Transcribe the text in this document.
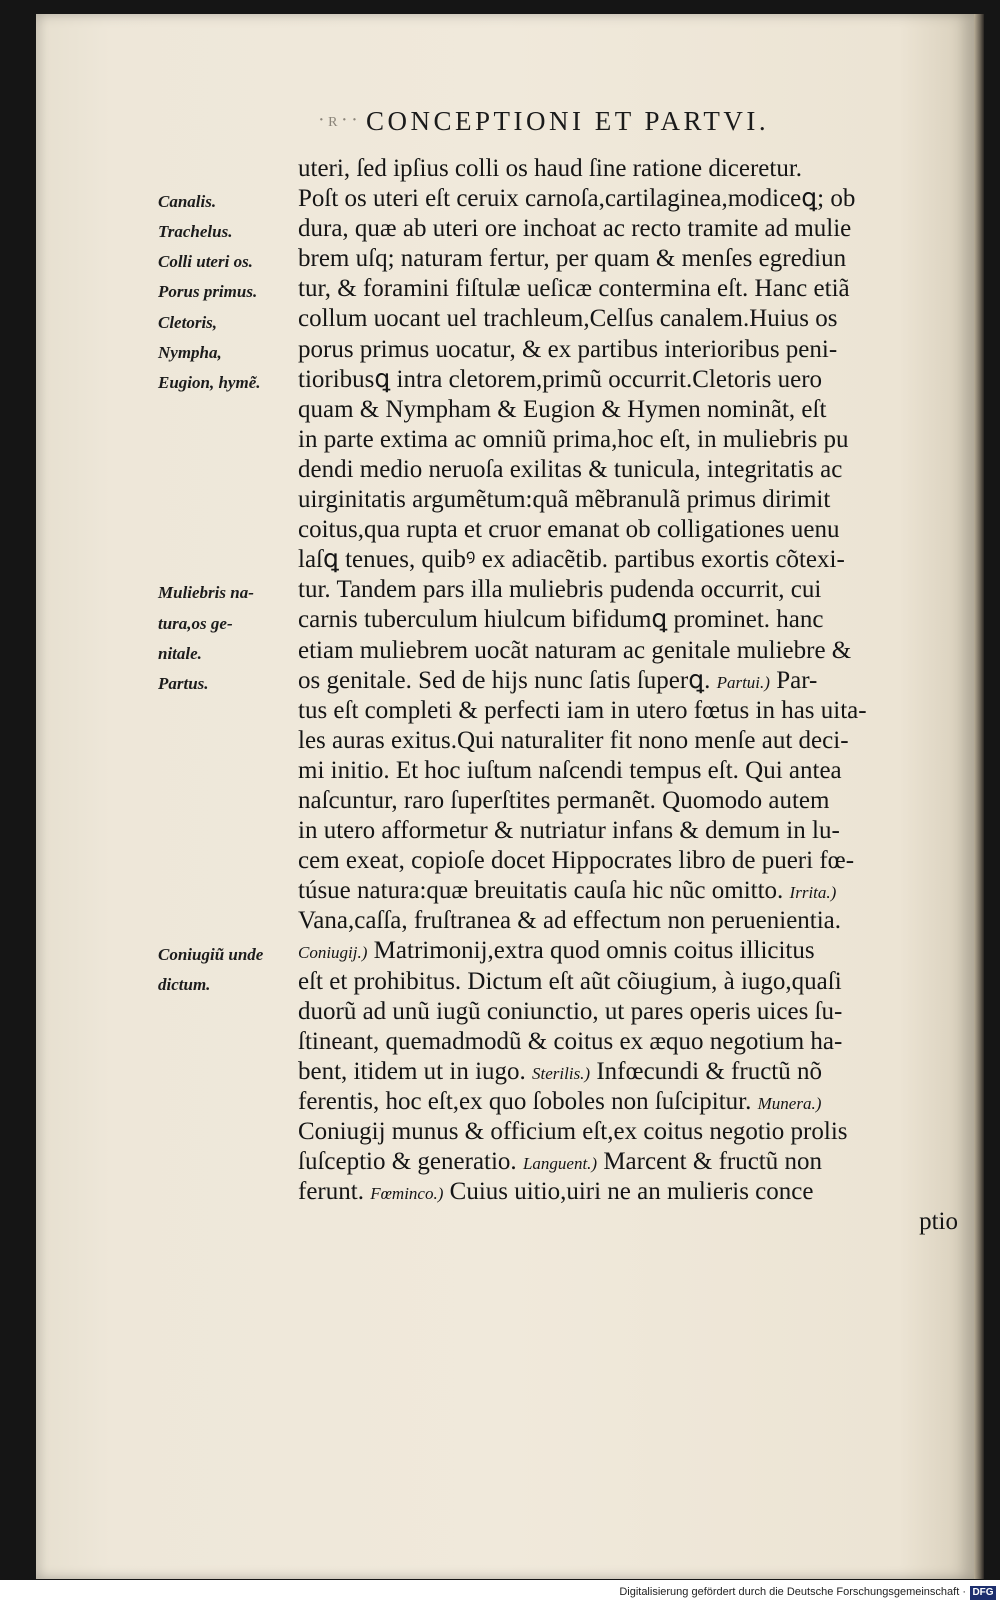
·r·· CONCEPTIONI ET PARTVI.
Canalis.
Trachelus.
Colli uteri os.
Porus primus.
Cletoris,
Nympha,
Eugion, hymẽ.
Muliebris na-
tura,os ge-
nitale.
Partus.
Coniugiũ unde
dictum.
uteri, ſed ipſius colli os haud ſine ratione diceretur.
Poſt os uteri eſt ceruix carnoſa,cartilaginea,modiceꝗ; ob
dura, quæ ab uteri ore inchoat ac recto tramite ad mulie
brem uſq; naturam fertur, per quam & menſes egrediun
tur, & foramini fiſtulæ ueſicæ contermina eſt. Hanc etiã
collum uocant uel trachleum,Celſus canalem.Huius os
porus primus uocatur, & ex partibus interioribus peni-
tioribusꝗ intra cletorem,primũ occurrit.Cletoris uero
quam & Nympham & Eugion & Hymen nominãt, eſt
in parte extima ac omniũ prima,hoc eſt, in muliebris pu
dendi medio neruoſa exilitas & tunicula, integritatis ac
uirginitatis argumẽtum:quã mẽbranulã primus dirimit
coitus,qua rupta et cruor emanat ob colligationes uenu
laſꝗ tenues, quibꝰ ex adiacẽtib. partibus exortis cõtexi-
tur. Tandem pars illa muliebris pudenda occurrit, cui
carnis tuberculum hiulcum bifidumꝗ prominet. hanc
etiam muliebrem uocãt naturam ac genitale muliebre &
os genitale. Sed de hijs nunc ſatis ſuperꝗ. Partui.) Par-
tus eſt completi & perfecti iam in utero fœtus in has uita-
les auras exitus.Qui naturaliter fit nono menſe aut deci-
mi initio. Et hoc iuſtum naſcendi tempus eſt. Qui antea
naſcuntur, raro ſuperſtites permanẽt. Quomodo autem
in utero afformetur & nutriatur infans & demum in lu-
cem exeat, copioſe docet Hippocrates libro de pueri fœ-
túsue natura:quæ breuitatis cauſa hic nũc omitto. Irrita.)
Vana,caſſa, fruſtranea & ad effectum non peruenientia.
Coniugij.) Matrimonij,extra quod omnis coitus illicitus
eſt et prohibitus. Dictum eſt aũt cõiugium, à iugo,quaſi
duorũ ad unũ iugũ coniunctio, ut pares operis uices ſu-
ſtineant, quemadmodũ & coitus ex æquo negotium ha-
bent, itidem ut in iugo. Sterilis.) Infœcundi & fructũ nõ
ferentis, hoc eſt,ex quo ſoboles non ſuſcipitur. Munera.)
Coniugij munus & officium eſt,ex coitus negotio prolis
ſuſceptio & generatio. Languent.) Marcent & fructũ non
ferunt. Fœminco.) Cuius uitio,uiri ne an mulieris conce
ptio
Digitalisierung gefördert durch die Deutsche Forschungsgemeinschaft · DFG
